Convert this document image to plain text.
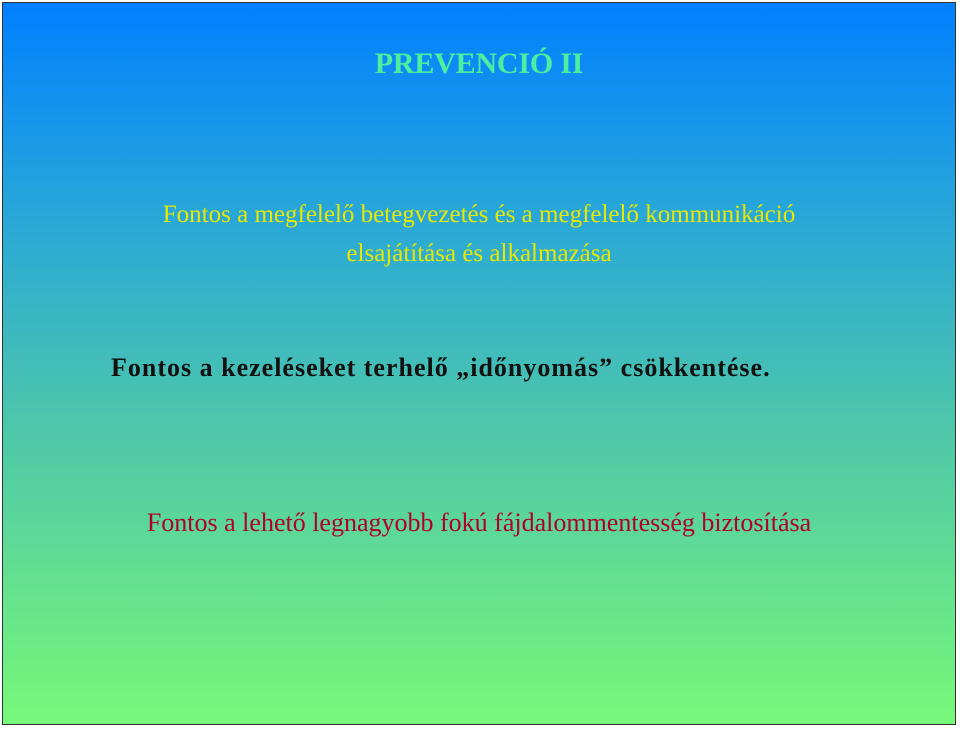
PREVENCIÓ II
Fontos a megfelelő betegvezetés és a megfelelő kommunikáció
elsajátítása és alkalmazása
Fontos a kezeléseket terhelő „időnyomás” csökkentése.
Fontos a lehető legnagyobb fokú fájdalommentesség biztosítása
